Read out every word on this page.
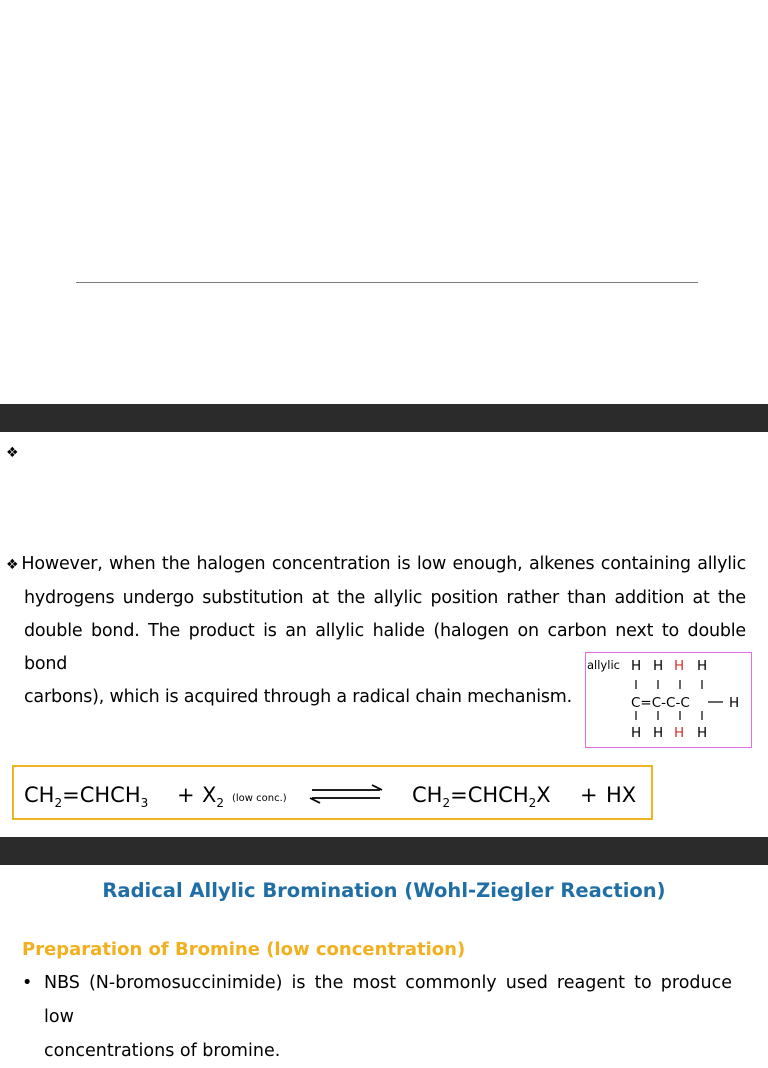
❖
❖ However, when the halogen concentration is low enough, alkenes containing allylic
hydrogens undergo substitution at the allylic position rather than addition at the
double bond. The product is an allylic halide (halogen on carbon next to double bond
carbons), which is acquired through a radical chain mechanism.
allylic H H H H
C=C-C-C	H
H H H H
$CH_2=CHCH_3 + X_2$ (low conc.)	$CH_2=CHCH_2X$ + HX
Radical Allylic Bromination (Wohl-Ziegler Reaction)
Preparation of Bromine (low concentration)
• NBS (N-bromosuccinimide) is the most commonly used reagent to produce low
concentrations of bromine.
